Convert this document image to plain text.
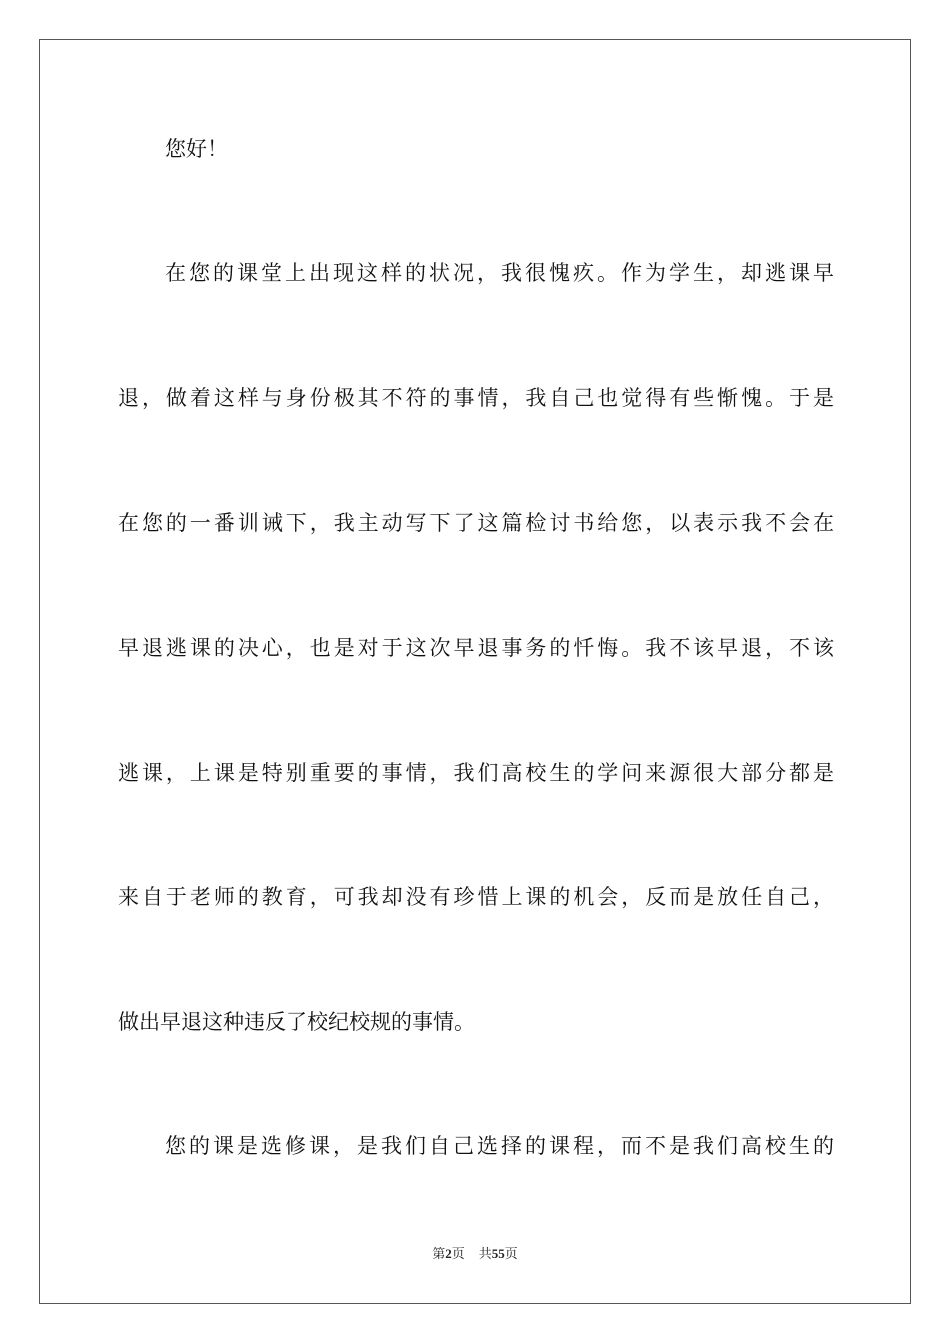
您好！
在您的课堂上出现这样的状况，我很愧疚。作为学生，却逃课早
退，做着这样与身份极其不符的事情，我自己也觉得有些惭愧。于是
在您的一番训诫下，我主动写下了这篇检讨书给您，以表示我不会在
早退逃课的决心，也是对于这次早退事务的忏悔。我不该早退，不该
逃课，上课是特别重要的事情，我们高校生的学问来源很大部分都是
来自于老师的教育，可我却没有珍惜上课的机会，反而是放任自己，
做出早退这种违反了校纪校规的事情。
您的课是选修课，是我们自己选择的课程，而不是我们高校生的
第2页 共55页
